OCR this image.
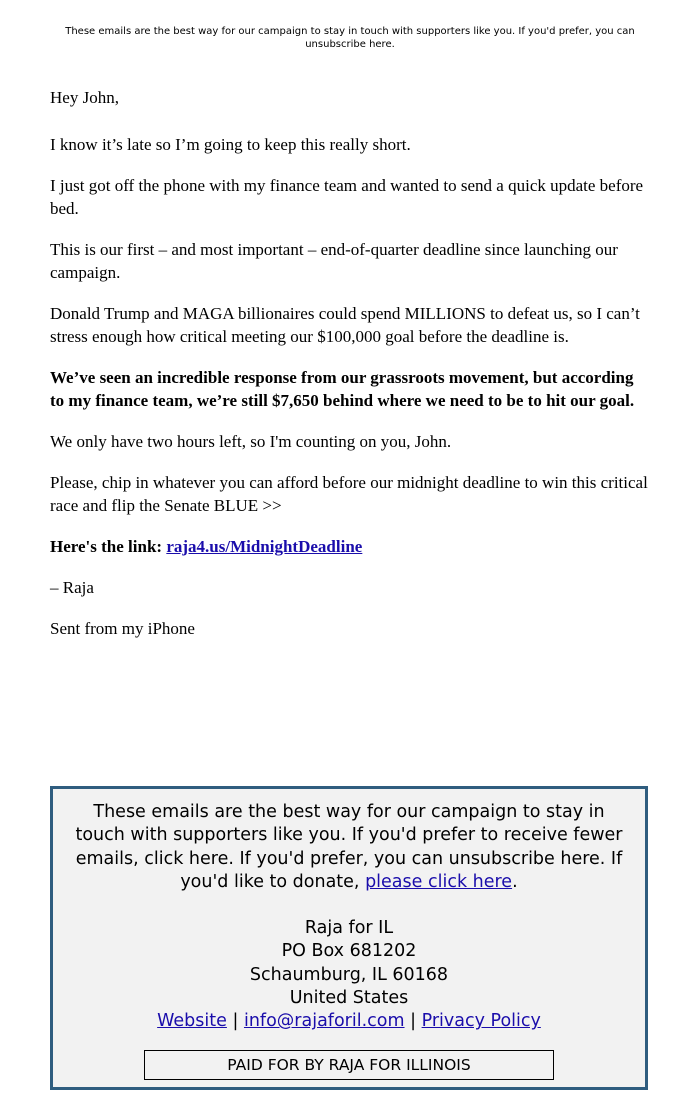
These emails are the best way for our campaign to stay in touch with supporters like you. If you'd prefer, you can unsubscribe here.

Hey John,

I know it’s late so I’m going to keep this really short.

I just got off the phone with my finance team and wanted to send a quick update before bed.

This is our first – and most important – end-of-quarter deadline since launching our campaign.

Donald Trump and MAGA billionaires could spend MILLIONS to defeat us, so I can’t stress enough how critical meeting our $100,000 goal before the deadline is.

We’ve seen an incredible response from our grassroots movement, but according to my finance team, we’re still $7,650 behind where we need to be to hit our goal.

We only have two hours left, so I'm counting on you, John.

Please, chip in whatever you can afford before our midnight deadline to win this critical race and flip the Senate BLUE >>

Here's the link: raja4.us/MidnightDeadline

– Raja

Sent from my iPhone

These emails are the best way for our campaign to stay in touch with supporters like you. If you'd prefer to receive fewer emails, click here. If you'd prefer, you can unsubscribe here. If you'd like to donate, please click here.
Raja for IL
PO Box 681202
Schaumburg, IL 60168
United States
Website | info@rajaforil.com | Privacy Policy
PAID FOR BY RAJA FOR ILLINOIS
